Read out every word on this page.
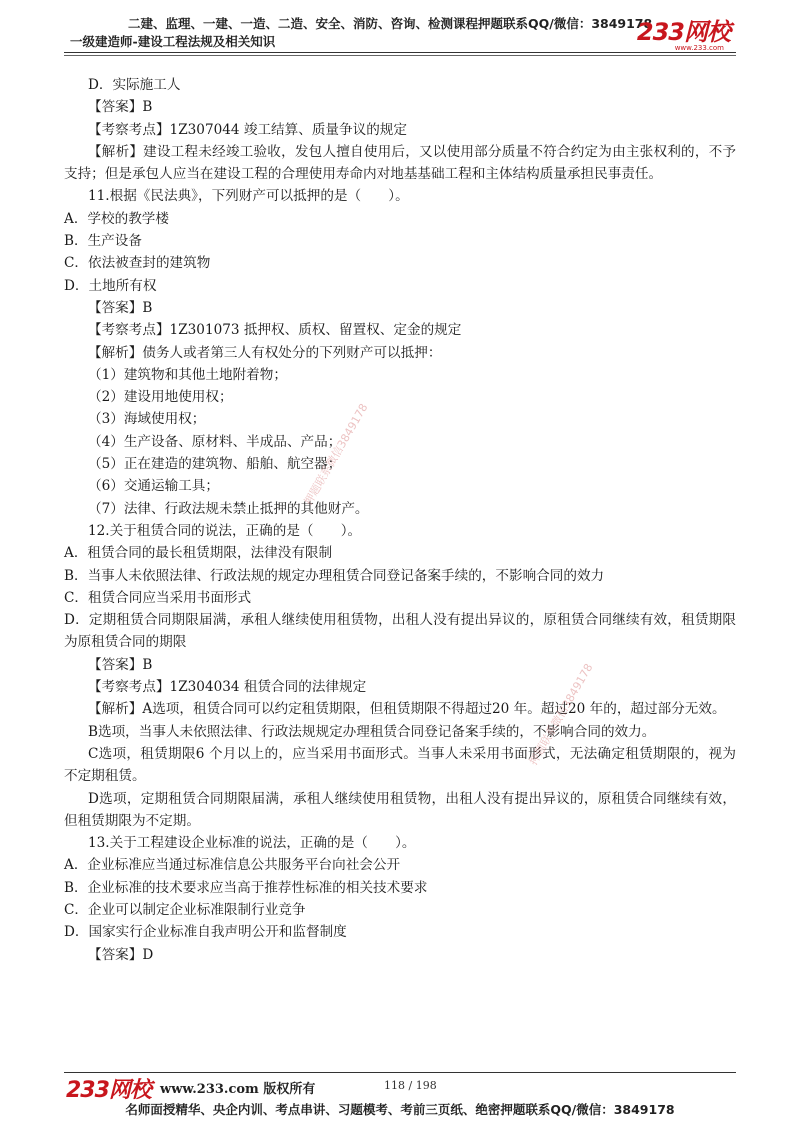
二建、监理、一建、一造、二造、安全、消防、咨询、检测课程押题联系QQ/微信：3849178
一级建造师-建设工程法规及相关知识	233网校
www.233.com
D．实际施工人
【答案】B
【考察考点】1Z307044 竣工结算、质量争议的规定
【解析】建设工程未经竣工验收，发包人擅自使用后，又以使用部分质量不符合约定为由主张权利的，不予支持；但是承包人应当在建设工程的合理使用寿命内对地基基础工程和主体结构质量承担民事责任。
11.根据《民法典》，下列财产可以抵押的是（　　）。
A．学校的教学楼
B．生产设备
C．依法被查封的建筑物
D．土地所有权
【答案】B
【考察考点】1Z301073 抵押权、质权、留置权、定金的规定
【解析】债务人或者第三人有权处分的下列财产可以抵押：
（1）建筑物和其他土地附着物；
（2）建设用地使用权；
（3）海域使用权；
（4）生产设备、原材料、半成品、产品；
（5）正在建造的建筑物、船舶、航空器；
（6）交通运输工具；
（7）法律、行政法规未禁止抵押的其他财产。
12.关于租赁合同的说法，正确的是（　　）。
A．租赁合同的最长租赁期限，法律没有限制
B．当事人未依照法律、行政法规的规定办理租赁合同登记备案手续的，不影响合同的效力
C．租赁合同应当采用书面形式
D．定期租赁合同期限届满，承租人继续使用租赁物，出租人没有提出异议的，原租赁合同继续有效，租赁期限为原租赁合同的期限
【答案】B
【考察考点】1Z304034 租赁合同的法律规定
【解析】A选项，租赁合同可以约定租赁期限，但租赁期限不得超过20 年。超过20 年的，超过部分无效。
B选项，当事人未依照法律、行政法规规定办理租赁合同登记备案手续的，不影响合同的效力。
C选项，租赁期限6 个月以上的，应当采用书面形式。当事人未采用书面形式，无法确定租赁期限的，视为不定期租赁。
D选项，定期租赁合同期限届满，承租人继续使用租赁物，出租人没有提出异议的，原租赁合同继续有效，但租赁期限为不定期。
13.关于工程建设企业标准的说法，正确的是（　　）。
A．企业标准应当通过标准信息公共服务平台向社会公开
B．企业标准的技术要求应当高于推荐性标准的相关技术要求
C．企业可以制定企业标准限制行业竞争
D．国家实行企业标准自我声明公开和监督制度
【答案】D
押题联系微信3849178
押题联系微信3849178
233网校 www.233.com 版权所有	118 / 198
名师面授精华、央企内训、考点串讲、习题模考、考前三页纸、绝密押题联系QQ/微信：3849178
